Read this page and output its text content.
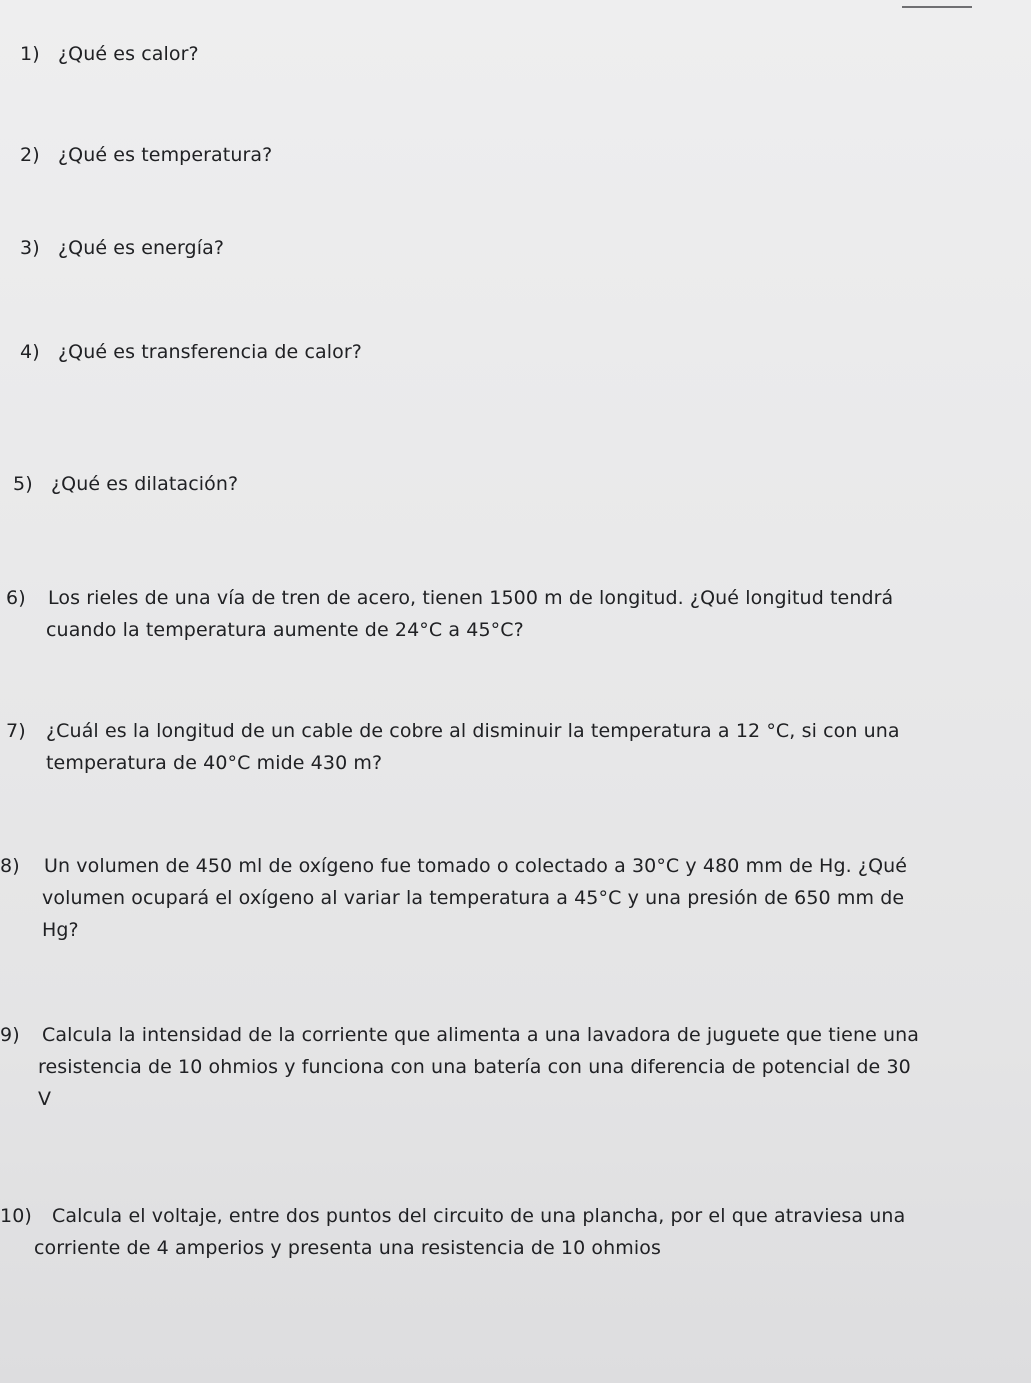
1) ¿Qué es calor?
2) ¿Qué es temperatura?
3) ¿Qué es energía?
4) ¿Qué es transferencia de calor?
5) ¿Qué es dilatación?
6) Los rieles de una vía de tren de acero, tienen 1500 m de longitud. ¿Qué longitud tendrá
cuando la temperatura aumente de 24°C a 45°C?
7) ¿Cuál es la longitud de un cable de cobre al disminuir la temperatura a 12 °C, si con una
temperatura de 40°C mide 430 m?
8) Un volumen de 450 ml de oxígeno fue tomado o colectado a 30°C y 480 mm de Hg. ¿Qué
volumen ocupará el oxígeno al variar la temperatura a 45°C y una presión de 650 mm de
Hg?
9) Calcula la intensidad de la corriente que alimenta a una lavadora de juguete que tiene una
resistencia de 10 ohmios y funciona con una batería con una diferencia de potencial de 30
V
10) Calcula el voltaje, entre dos puntos del circuito de una plancha, por el que atraviesa una
corriente de 4 amperios y presenta una resistencia de 10 ohmios
